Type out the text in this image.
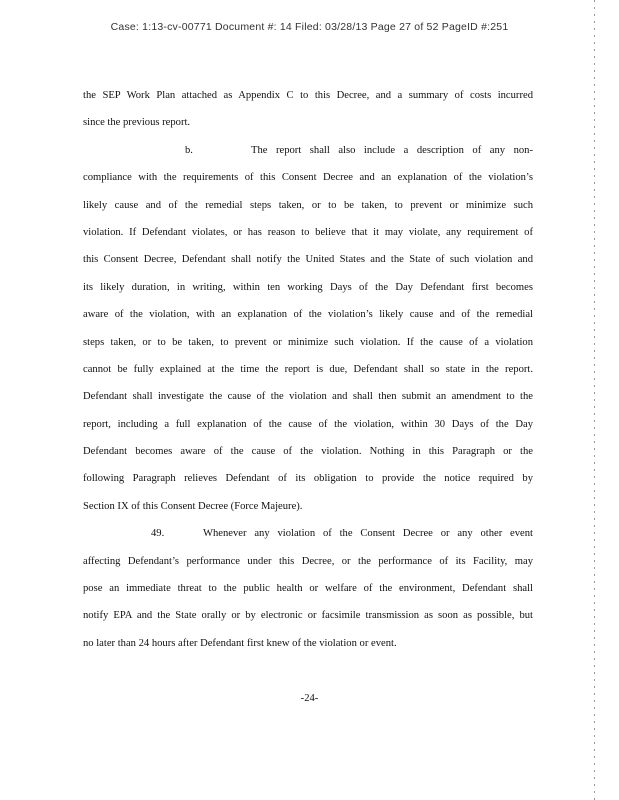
Case: 1:13-cv-00771 Document #: 14 Filed: 03/28/13 Page 27 of 52 PageID #:251
the SEP Work Plan attached as Appendix C to this Decree, and a summary of costs incurred
since the previous report.
b.	The report shall also include a description of any non-
compliance with the requirements of this Consent Decree and an explanation of the violation’s
likely cause and of the remedial steps taken, or to be taken, to prevent or minimize such
violation. If Defendant violates, or has reason to believe that it may violate, any requirement of
this Consent Decree, Defendant shall notify the United States and the State of such violation and
its likely duration, in writing, within ten working Days of the Day Defendant first becomes
aware of the violation, with an explanation of the violation’s likely cause and of the remedial
steps taken, or to be taken, to prevent or minimize such violation. If the cause of a violation
cannot be fully explained at the time the report is due, Defendant shall so state in the report.
Defendant shall investigate the cause of the violation and shall then submit an amendment to the
report, including a full explanation of the cause of the violation, within 30 Days of the Day
Defendant becomes aware of the cause of the violation. Nothing in this Paragraph or the
following Paragraph relieves Defendant of its obligation to provide the notice required by
Section IX of this Consent Decree (Force Majeure).
49.	Whenever any violation of the Consent Decree or any other event
affecting Defendant’s performance under this Decree, or the performance of its Facility, may
pose an immediate threat to the public health or welfare of the environment, Defendant shall
notify EPA and the State orally or by electronic or facsimile transmission as soon as possible, but
no later than 24 hours after Defendant first knew of the violation or event.
-24-
